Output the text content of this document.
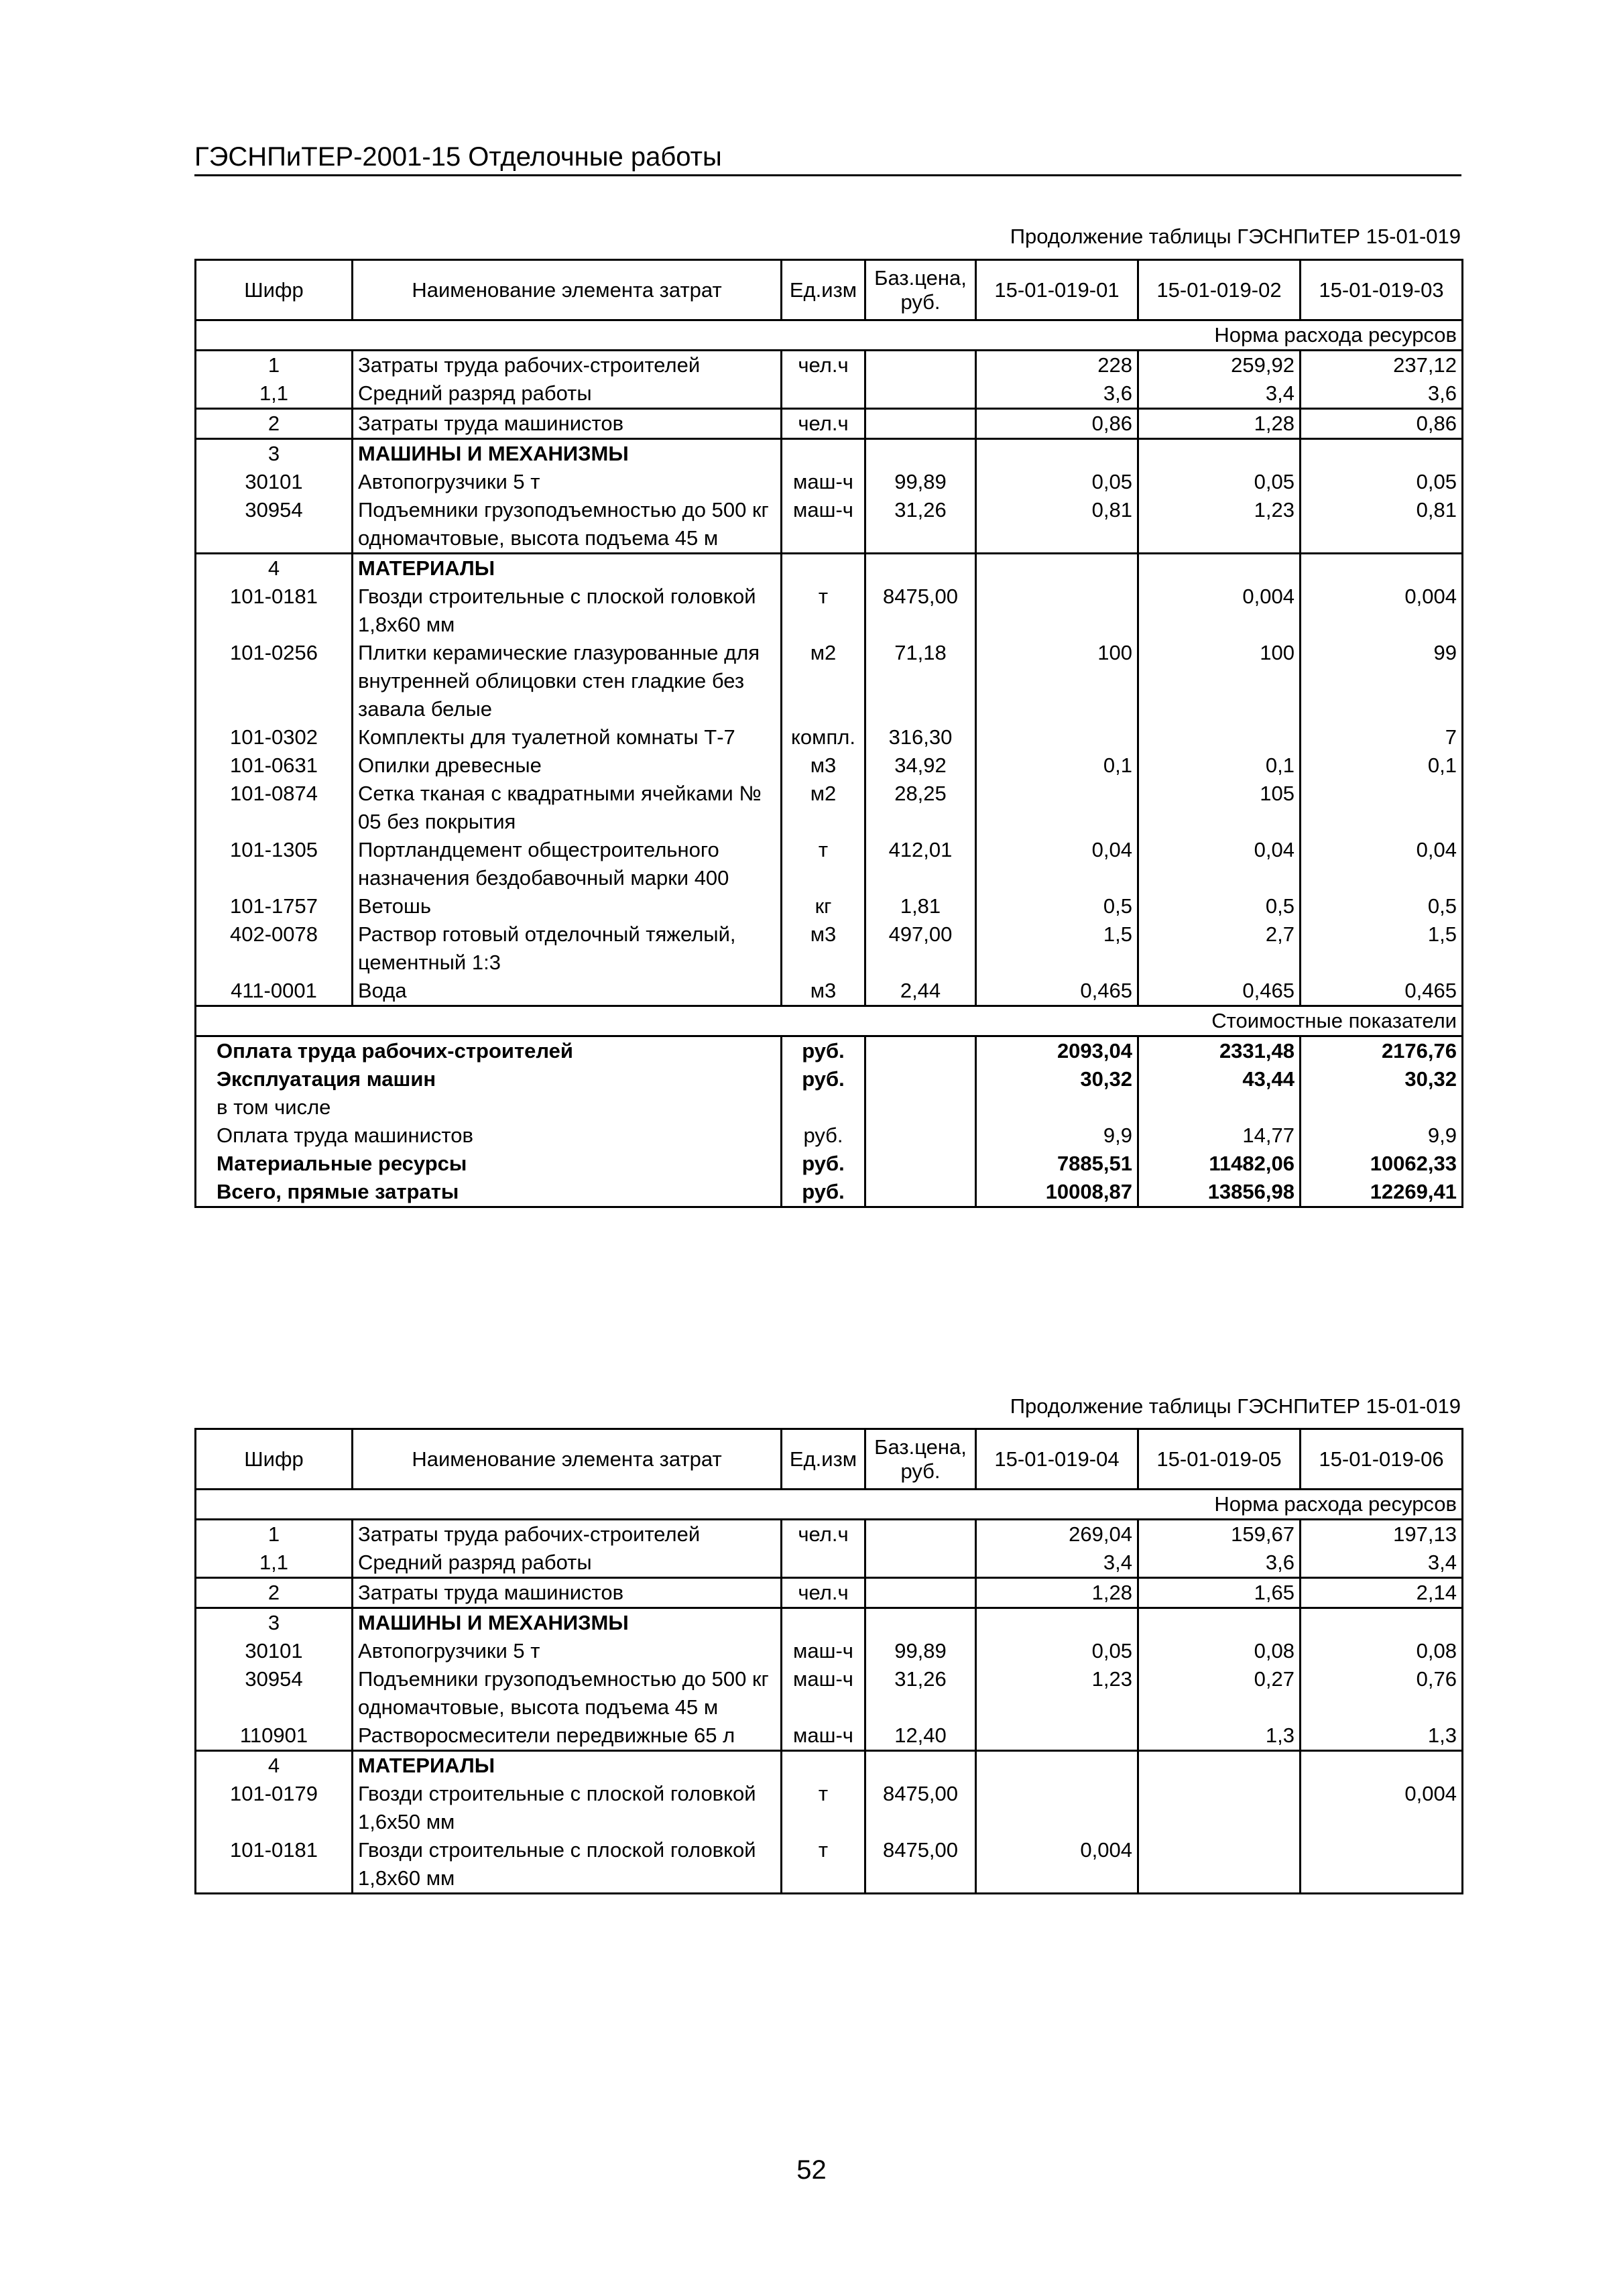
ГЭСНПиТЕР-2001-15 Отделочные работы
Продолжение таблицы ГЭСНПиТЕР 15-01-019
Шифр	Наименование элемента затрат	Ед.изм	Баз.цена, руб.	15-01-019-01	15-01-019-02	15-01-019-03
Норма расхода ресурсов						
1	Затраты труда рабочих-строителей	чел.ч		228	259,92	237,12
1,1	Средний разряд работы			3,6	3,4	3,6
2	Затраты труда машинистов	чел.ч		0,86	1,28	0,86
3	МАШИНЫ И МЕХАНИЗМЫ					
30101	Автопогрузчики 5 т	маш-ч	99,89	0,05	0,05	0,05
30954	Подъемники грузоподъемностью до 500 кг одномачтовые, высота подъема 45 м	маш-ч	31,26	0,81	1,23	0,81
4	МАТЕРИАЛЫ					
101-0181	Гвозди строительные с плоской головкой 1,8х60 мм	т	8475,00		0,004	0,004
101-0256	Плитки керамические глазурованные для внутренней облицовки стен гладкие без завала белые	м2	71,18	100	100	99
101-0302	Комплекты для туалетной комнаты Т-7	компл.	316,30			7
101-0631	Опилки древесные	м3	34,92	0,1	0,1	0,1
101-0874	Сетка тканая с квадратными ячейками № 05 без покрытия	м2	28,25		105	
101-1305	Портландцемент общестроительного назначения бездобавочный марки 400	т	412,01	0,04	0,04	0,04
101-1757	Ветошь	кг	1,81	0,5	0,5	0,5
402-0078	Раствор готовый отделочный тяжелый, цементный 1:3	м3	497,00	1,5	2,7	1,5
411-0001	Вода	м3	2,44	0,465	0,465	0,465
Стоимостные показатели						
Оплата труда рабочих-строителей		руб.		2093,04	2331,48	2176,76
Эксплуатация машин		руб.		30,32	43,44	30,32
в том числе						
Оплата труда машинистов		руб.		9,9	14,77	9,9
Материальные ресурсы		руб.		7885,51	11482,06	10062,33
Всего, прямые затраты		руб.		10008,87	13856,98	12269,41
Продолжение таблицы ГЭСНПиТЕР 15-01-019
Шифр	Наименование элемента затрат	Ед.изм	Баз.цена, руб.	15-01-019-04	15-01-019-05	15-01-019-06
Норма расхода ресурсов						
1	Затраты труда рабочих-строителей	чел.ч		269,04	159,67	197,13
1,1	Средний разряд работы			3,4	3,6	3,4
2	Затраты труда машинистов	чел.ч		1,28	1,65	2,14
3	МАШИНЫ И МЕХАНИЗМЫ					
30101	Автопогрузчики 5 т	маш-ч	99,89	0,05	0,08	0,08
30954	Подъемники грузоподъемностью до 500 кг одномачтовые, высота подъема 45 м	маш-ч	31,26	1,23	0,27	0,76
110901	Растворосмесители передвижные 65 л	маш-ч	12,40		1,3	1,3
4	МАТЕРИАЛЫ					
101-0179	Гвозди строительные с плоской головкой 1,6х50 мм	т	8475,00			0,004
101-0181	Гвозди строительные с плоской головкой 1,8х60 мм	т	8475,00	0,004		
52
